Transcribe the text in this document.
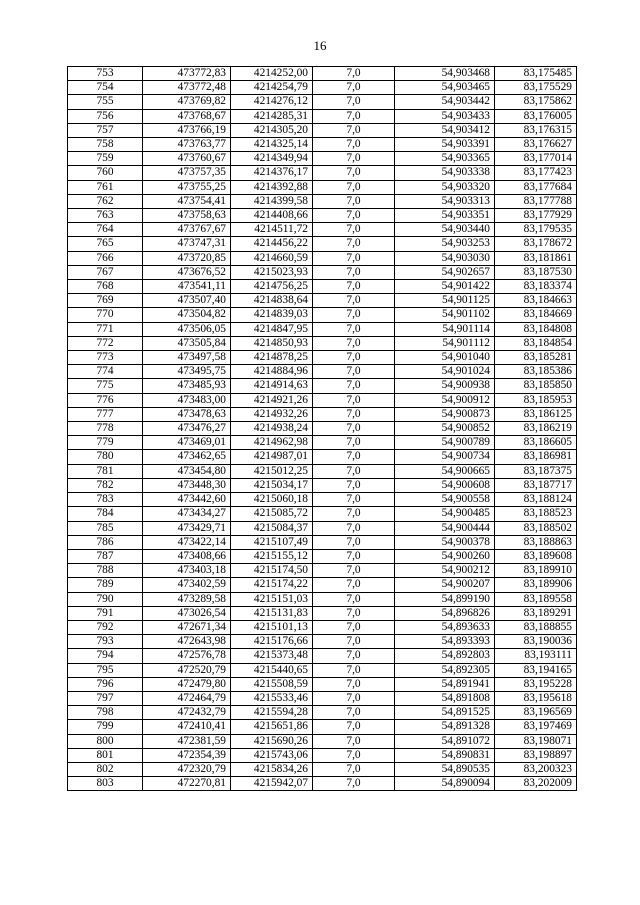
16
753	473772,83	4214252,00	7,0	54,903468	83,175485
754	473772,48	4214254,79	7,0	54,903465	83,175529
755	473769,82	4214276,12	7,0	54,903442	83,175862
756	473768,67	4214285,31	7,0	54,903433	83,176005
757	473766,19	4214305,20	7,0	54,903412	83,176315
758	473763,77	4214325,14	7,0	54,903391	83,176627
759	473760,67	4214349,94	7,0	54,903365	83,177014
760	473757,35	4214376,17	7,0	54,903338	83,177423
761	473755,25	4214392,88	7,0	54,903320	83,177684
762	473754,41	4214399,58	7,0	54,903313	83,177788
763	473758,63	4214408,66	7,0	54,903351	83,177929
764	473767,67	4214511,72	7,0	54,903440	83,179535
765	473747,31	4214456,22	7,0	54,903253	83,178672
766	473720,85	4214660,59	7,0	54,903030	83,181861
767	473676,52	4215023,93	7,0	54,902657	83,187530
768	473541,11	4214756,25	7,0	54,901422	83,183374
769	473507,40	4214838,64	7,0	54,901125	83,184663
770	473504,82	4214839,03	7,0	54,901102	83,184669
771	473506,05	4214847,95	7,0	54,901114	83,184808
772	473505,84	4214850,93	7,0	54,901112	83,184854
773	473497,58	4214878,25	7,0	54,901040	83,185281
774	473495,75	4214884,96	7,0	54,901024	83,185386
775	473485,93	4214914,63	7,0	54,900938	83,185850
776	473483,00	4214921,26	7,0	54,900912	83,185953
777	473478,63	4214932,26	7,0	54,900873	83,186125
778	473476,27	4214938,24	7,0	54,900852	83,186219
779	473469,01	4214962,98	7,0	54,900789	83,186605
780	473462,65	4214987,01	7,0	54,900734	83,186981
781	473454,80	4215012,25	7,0	54,900665	83,187375
782	473448,30	4215034,17	7,0	54,900608	83,187717
783	473442,60	4215060,18	7,0	54,900558	83,188124
784	473434,27	4215085,72	7,0	54,900485	83,188523
785	473429,71	4215084,37	7,0	54,900444	83,188502
786	473422,14	4215107,49	7,0	54,900378	83,188863
787	473408,66	4215155,12	7,0	54,900260	83,189608
788	473403,18	4215174,50	7,0	54,900212	83,189910
789	473402,59	4215174,22	7,0	54,900207	83,189906
790	473289,58	4215151,03	7,0	54,899190	83,189558
791	473026,54	4215131,83	7,0	54,896826	83,189291
792	472671,34	4215101,13	7,0	54,893633	83,188855
793	472643,98	4215176,66	7,0	54,893393	83,190036
794	472576,78	4215373,48	7,0	54,892803	83,193111
795	472520,79	4215440,65	7,0	54,892305	83,194165
796	472479,80	4215508,59	7,0	54,891941	83,195228
797	472464,79	4215533,46	7,0	54,891808	83,195618
798	472432,79	4215594,28	7,0	54,891525	83,196569
799	472410,41	4215651,86	7,0	54,891328	83,197469
800	472381,59	4215690,26	7,0	54,891072	83,198071
801	472354,39	4215743,06	7,0	54,890831	83,198897
802	472320,79	4215834,26	7,0	54,890535	83,200323
803	472270,81	4215942,07	7,0	54,890094	83,202009
